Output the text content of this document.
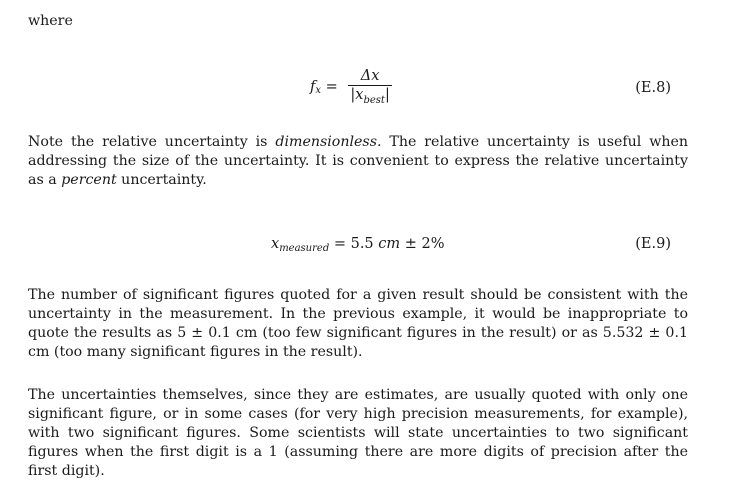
where

f $x = \frac{\Delta x}{|x_{best}|}$	(E.8)

Note the relative uncertainty is dimensionless. The relative uncertainty is useful when addressing the size of the uncertainty. It is convenient to express the relative uncertainty as a percent uncertainty.

x measured = 5.5 cm ± 2%	(E.9)

The number of significant figures quoted for a given result should be consistent with the uncertainty in the measurement. In the previous example, it would be inappropriate to quote the results as 5 ± 0.1 cm (too few significant figures in the result) or as 5.532 ± 0.1 cm (too many significant figures in the result).

The uncertainties themselves, since they are estimates, are usually quoted with only one significant figure, or in some cases (for very high precision measurements, for example), with two significant figures. Some scientists will state uncertainties to two significant figures when the first digit is a 1 (assuming there are more digits of precision after the first digit).
